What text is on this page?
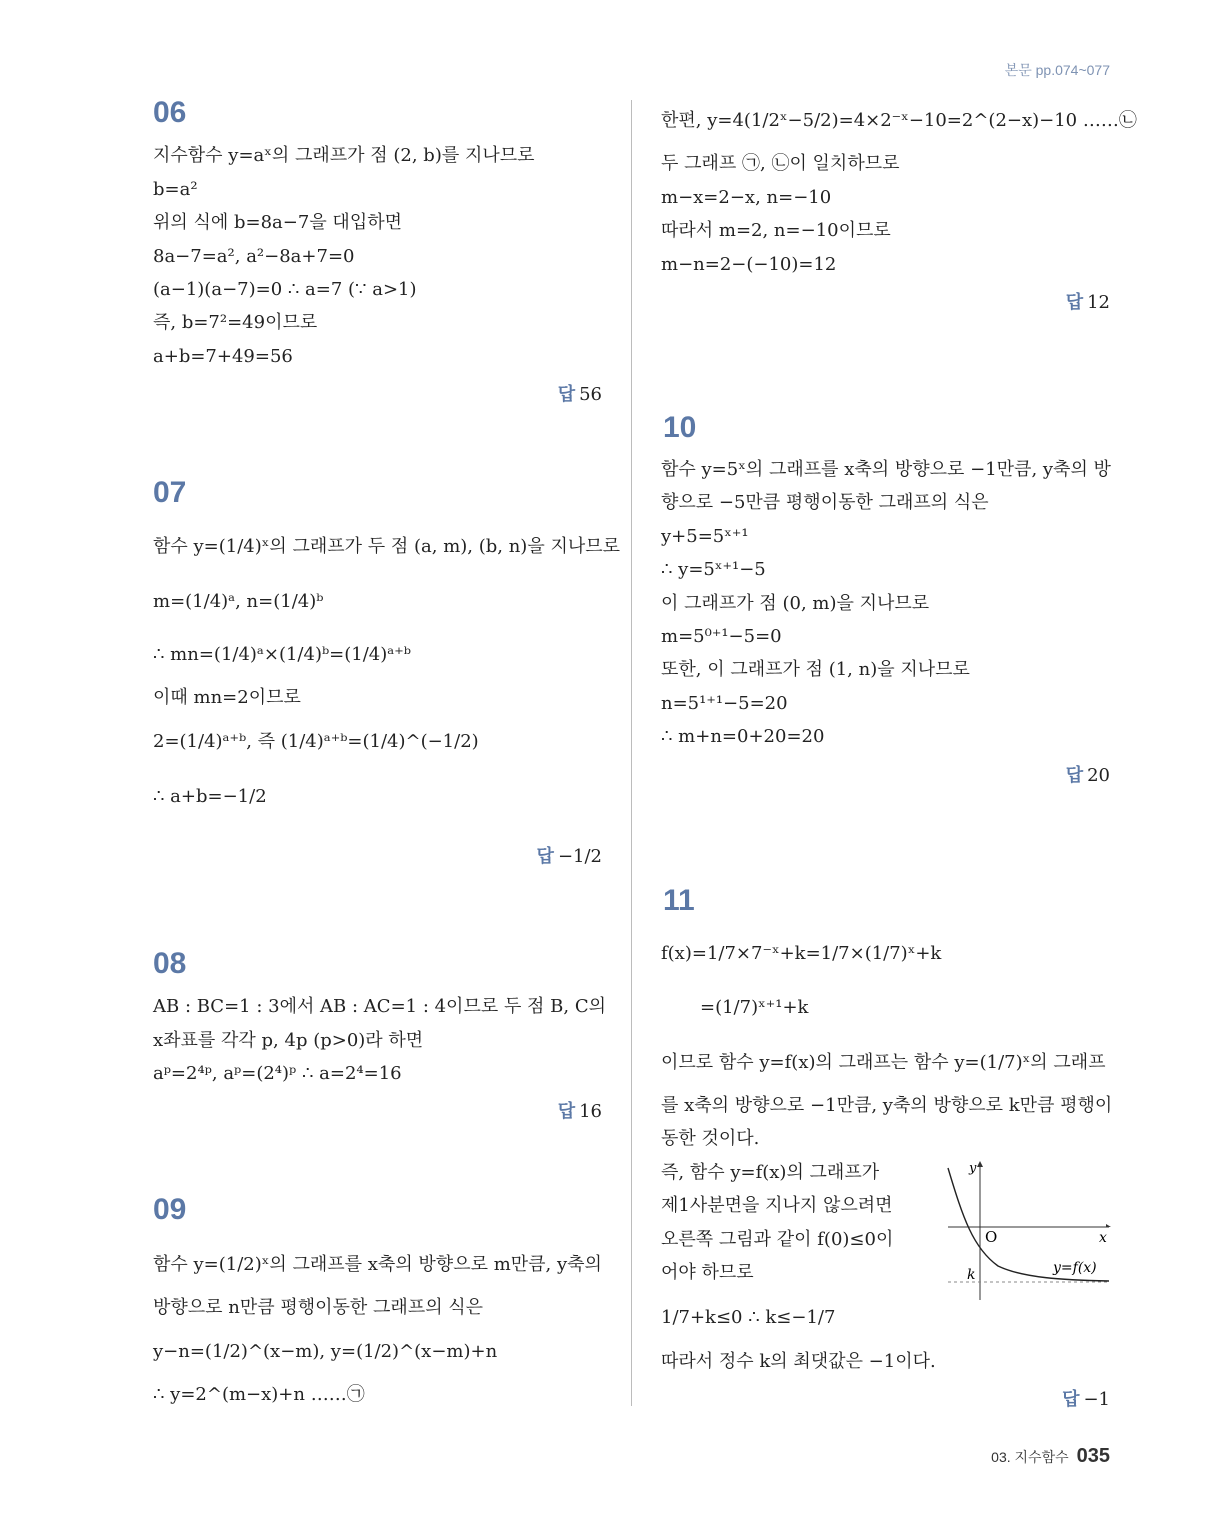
본문 pp.074~077
06
지수함수 y=aˣ의 그래프가 점 (2, b)를 지나므로
b=a²
위의 식에 b=8a−7을 대입하면
8a−7=a², a²−8a+7=0
(a−1)(a−7)=0 ∴ a=7 (∵ a>1)
즉, b=7²=49이므로
a+b=7+49=56
답 56
07
함수 y=(1/4)ˣ의 그래프가 두 점 (a, m), (b, n)을 지나므로
m=(1/4)ᵃ, n=(1/4)ᵇ
∴ mn=(1/4)ᵃ×(1/4)ᵇ=(1/4)ᵃ⁺ᵇ
이때 mn=2이므로
2=(1/4)ᵃ⁺ᵇ, 즉 (1/4)ᵃ⁺ᵇ=(1/4)^(−1/2)
∴ a+b=−1/2
답 −1/2
08
AB : BC=1 : 3에서 AB : AC=1 : 4이므로 두 점 B, C의
x좌표를 각각 p, 4p (p>0)라 하면
aᵖ=2⁴ᵖ, aᵖ=(2⁴)ᵖ ∴ a=2⁴=16
답 16
09
함수 y=(1/2)ˣ의 그래프를 x축의 방향으로 m만큼, y축의
방향으로 n만큼 평행이동한 그래프의 식은
y−n=(1/2)^(x−m), y=(1/2)^(x−m)+n
∴ y=2^(m−x)+n ……㉠
한편, y=4(1/2ˣ−5/2)=4×2⁻ˣ−10=2^(2−x)−10 ……㉡
두 그래프 ㉠, ㉡이 일치하므로
m−x=2−x, n=−10
따라서 m=2, n=−10이므로
m−n=2−(−10)=12
답 12
10
함수 y=5ˣ의 그래프를 x축의 방향으로 −1만큼, y축의 방
향으로 −5만큼 평행이동한 그래프의 식은
y+5=5ˣ⁺¹
∴ y=5ˣ⁺¹−5
이 그래프가 점 (0, m)을 지나므로
m=5⁰⁺¹−5=0
또한, 이 그래프가 점 (1, n)을 지나므로
n=5¹⁺¹−5=20
∴ m+n=0+20=20
답 20
11
f(x)=1/7×7⁻ˣ+k=1/7×(1/7)ˣ+k
=(1/7)ˣ⁺¹+k
이므로 함수 y=f(x)의 그래프는 함수 y=(1/7)ˣ의 그래프
를 x축의 방향으로 −1만큼, y축의 방향으로 k만큼 평행이
동한 것이다.
즉, 함수 y=f(x)의 그래프가
제1사분면을 지나지 않으려면
오른쪽 그림과 같이 f(0)≤0이
어야 하므로
1/7+k≤0 ∴ k≤−1/7
따라서 정수 k의 최댓값은 −1이다.
y
x
O
k	y=f(x)
답 −1
03. 지수함수 035
